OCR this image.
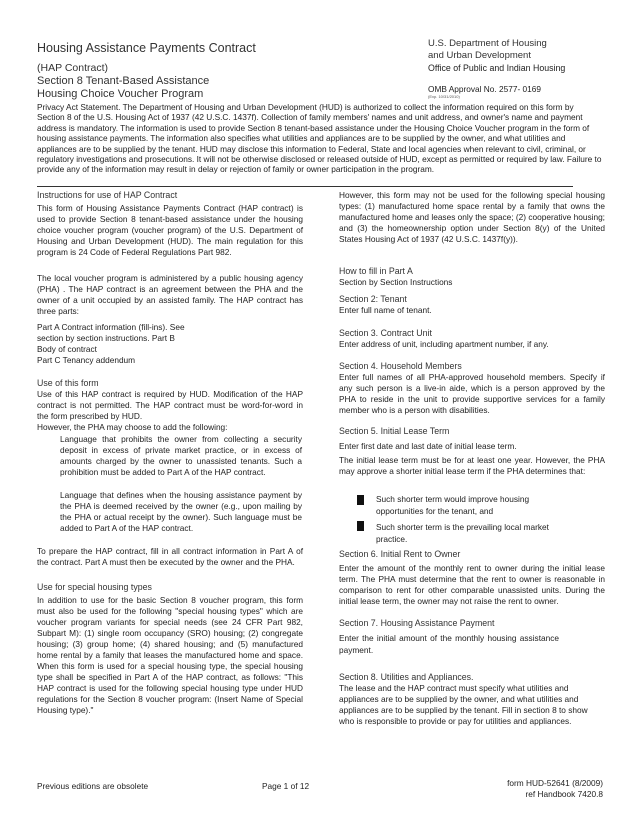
Housing Assistance Payments Contract
(HAP Contract)
Section 8 Tenant-Based Assistance
Housing Choice Voucher Program
U.S. Department of Housing
and Urban Development
Office of Public and Indian Housing
OMB Approval No. 2577- 0169
(Exp. 10/31/2010)

Privacy Act Statement. The Department of Housing and Urban Development (HUD) is authorized to collect the information required on this form by Section 8 of the U.S. Housing Act of 1937 (42 U.S.C. 1437f). Collection of family members' names and unit address, and owner's name and payment address is mandatory. The information is used to provide Section 8 tenant-based assistance under the Housing Choice Voucher program in the form of housing assistance payments. The information also specifies what utilities and appliances are to be supplied by the owner, and what utilities and appliances are to be supplied by the tenant. HUD may disclose this information to Federal, State and local agencies when relevant to civil, criminal, or regulatory investigations and prosecutions. It will not be otherwise disclosed or released outside of HUD, except as permitted or required by law. Failure to provide any of the information may result in delay or rejection of family or owner participation in the program.

Instructions for use of HAP Contract

This form of Housing Assistance Payments Contract (HAP contract) is used to provide Section 8 tenant-based assistance under the housing choice voucher program (voucher program) of the U.S. Department of Housing and Urban Development (HUD). The main regulation for this program is 24 Code of Federal Regulations Part 982.

The local voucher program is administered by a public housing agency (PHA) . The HAP contract is an agreement between the PHA and the owner of a unit occupied by an assisted family. The HAP contract has three parts:

Part A Contract information (fill-ins). See
section by section instructions. Part B
Body of contract
Part C Tenancy addendum
Use of this form

Use of this HAP contract is required by HUD. Modification of the HAP contract is not permitted. The HAP contract must be word-for-word in the form prescribed by HUD.

However, the PHA may choose to add the following:

Language that prohibits the owner from collecting a security deposit in excess of private market practice, or in excess of amounts charged by the owner to unassisted tenants. Such a prohibition must be added to Part A of the HAP contract.

Language that defines when the housing assistance payment by the PHA is deemed received by the owner (e.g., upon mailing by the PHA or actual receipt by the owner). Such language must be added to Part A of the HAP contract.

To prepare the HAP contract, fill in all contract information in Part A of the contract. Part A must then be executed by the owner and the PHA.

Use for special housing types

In addition to use for the basic Section 8 voucher program, this form must also be used for the following "special housing types" which are voucher program variants for special needs (see 24 CFR Part 982, Subpart M): (1) single room occupancy (SRO) housing; (2) congregate housing; (3) group home; (4) shared housing; and (5) manufactured home rental by a family that leases the manufactured home and space. When this form is used for a special housing type, the special housing type shall be specified in Part A of the HAP contract, as follows: "This HAP contract is used for the following special housing type under HUD regulations for the Section 8 voucher program: (Insert Name of Special Housing type)."

However, this form may not be used for the following special housing types: (1) manufactured home space rental by a family that owns the manufactured home and leases only the space; (2) cooperative housing; and (3) the homeownership option under Section 8(y) of the United States Housing Act of 1937 (42 U.S.C. 1437f(y)).

How to fill in Part A
Section by Section Instructions
Section 2: Tenant
Enter full name of tenant.
Section 3. Contract Unit
Enter address of unit, including apartment number, if any.
Section 4. Household Members

Enter full names of all PHA-approved household members. Specify if any such person is a live-in aide, which is a person approved by the PHA to reside in the unit to provide supportive services for a family member who is a person with disabilities.

Section 5. Initial Lease Term
Enter first date and last date of initial lease term.

The initial lease term must be for at least one year. However, the PHA may approve a shorter initial lease term if the PHA determines that:

Such shorter term would improve housing opportunities for the tenant, and

Such shorter term is the prevailing local market practice.

Section 6. Initial Rent to Owner

Enter the amount of the monthly rent to owner during the initial lease term. The PHA must determine that the rent to owner is reasonable in comparison to rent for other comparable unassisted units. During the initial lease term, the owner may not raise the rent to owner.

Section 7. Housing Assistance Payment

Enter the initial amount of the monthly housing assistance payment.

Section 8. Utilities and Appliances.

The lease and the HAP contract must specify what utilities and appliances are to be supplied by the owner, and what utilities and appliances are to be supplied by the tenant. Fill in section 8 to show who is responsible to provide or pay for utilities and appliances.

Previous editions are obsolete	Page 1 of 12	form HUD-52641 (8/2009)
ref Handbook 7420.8
